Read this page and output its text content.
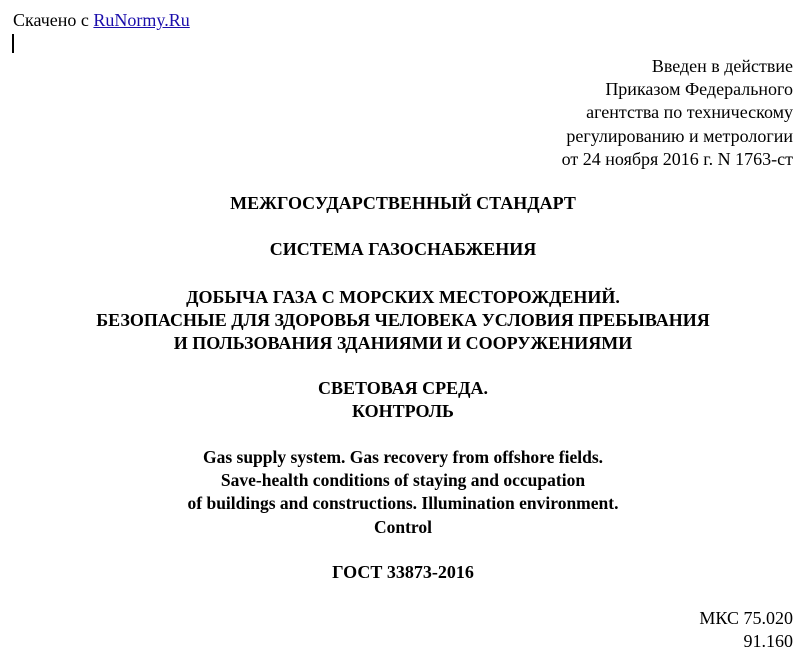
Скачено с RuNormy.Ru
Введен в действие
Приказом Федерального
агентства по техническому
регулированию и метрологии
от 24 ноября 2016 г. N 1763-ст
МЕЖГОСУДАРСТВЕННЫЙ СТАНДАРТ
СИСТЕМА ГАЗОСНАБЖЕНИЯ
ДОБЫЧА ГАЗА С МОРСКИХ МЕСТОРОЖДЕНИЙ.
БЕЗОПАСНЫЕ ДЛЯ ЗДОРОВЬЯ ЧЕЛОВЕКА УСЛОВИЯ ПРЕБЫВАНИЯ
И ПОЛЬЗОВАНИЯ ЗДАНИЯМИ И СООРУЖЕНИЯМИ
СВЕТОВАЯ СРЕДА.
КОНТРОЛЬ
Gas supply system. Gas recovery from offshore fields.
Save-health conditions of staying and occupation
of buildings and constructions. Illumination environment.
Control
ГОСТ 33873-2016
МКС 75.020
91.160
